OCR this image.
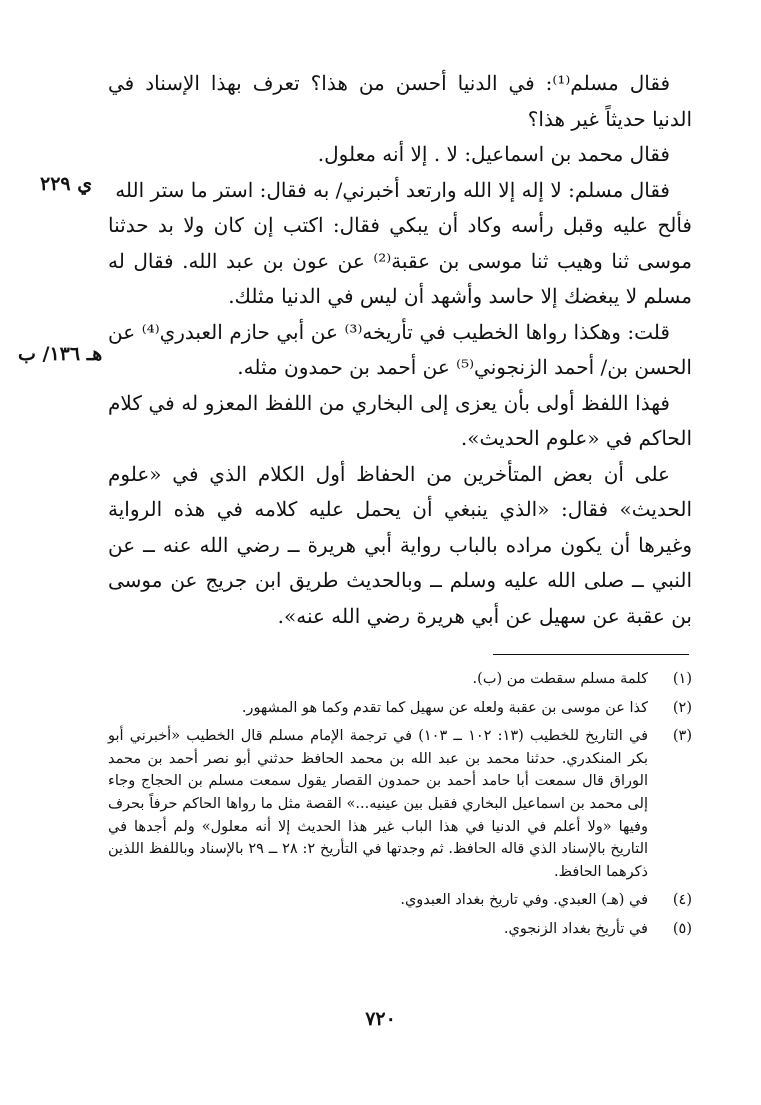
فقال مسلم⁽¹⁾: في الدنيا أحسن من هذا؟ تعرف بهذا الإسناد في الدنيا حديثاً غير هذا؟

فقال محمد بن اسماعيل: لا . إلا أنه معلول.

فقال مسلم: لا إله إلا الله وارتعد أخبرني/ به فقال: استر ما ستر الله

فألح عليه وقبل رأسه وكاد أن يبكي فقال: اكتب إن كان ولا بد حدثنا موسى ثنا وهيب ثنا موسى بن عقبة⁽²⁾ عن عون بن عبد الله. فقال له مسلم لا يبغضك إلا حاسد وأشهد أن ليس في الدنيا مثلك.

قلت: وهكذا رواها الخطيب في تأريخه⁽³⁾ عن أبي حازم العبدري⁽⁴⁾ عن الحسن بن/ أحمد الزنجوني⁽⁵⁾ عن أحمد بن حمدون مثله.

فهذا اللفظ أولى بأن يعزى إلى البخاري من اللفظ المعزو له في كلام الحاكم في «علوم الحديث».

على أن بعض المتأخرين من الحفاظ أول الكلام الذي في «علوم الحديث» فقال: «الذي ينبغي أن يحمل عليه كلامه في هذه الرواية وغيرها أن يكون مراده بالباب رواية أبي هريرة ــ رضي الله عنه ــ عن النبي ــ صلى الله عليه وسلم ــ وبالحديث طريق ابن جريج عن موسى بن عقبة عن سهيل عن أبي هريرة رضي الله عنه».

ي ٢٢٩
هـ ١٣٦/ ب
(١)
كلمة مسلم سقطت من (ب).
(٢)
كذا عن موسى بن عقبة ولعله عن سهيل كما تقدم وكما هو المشهور.
(٣)
في التاريخ للخطيب (١٣: ١٠٢ ــ ١٠٣) في ترجمة الإمام مسلم قال الخطيب «أخبرني أبو بكر المنكدري. حدثنا محمد بن عبد الله بن محمد الحافظ حدثني أبو نصر أحمد بن محمد الوراق قال سمعت أبا حامد أحمد بن حمدون القصار يقول سمعت مسلم بن الحجاج وجاء إلى محمد بن اسماعيل البخاري فقبل بين عينيه...» القصة مثل ما رواها الحاكم حرفاً بحرف وفيها «ولا أعلم في الدنيا في هذا الباب غير هذا الحديث إلا أنه معلول» ولم أجدها في التاريخ بالإسناد الذي قاله الحافظ. ثم وجدتها في التأريخ ٢: ٢٨ ــ ٢٩ بالإسناد وباللفظ اللذين ذكرهما الحافظ.
(٤)
في (هـ) العبدي. وفي تاريخ بغداد العبدوي.
(٥)
في تأريخ بغداد الزنجوي.
٧٢٠
